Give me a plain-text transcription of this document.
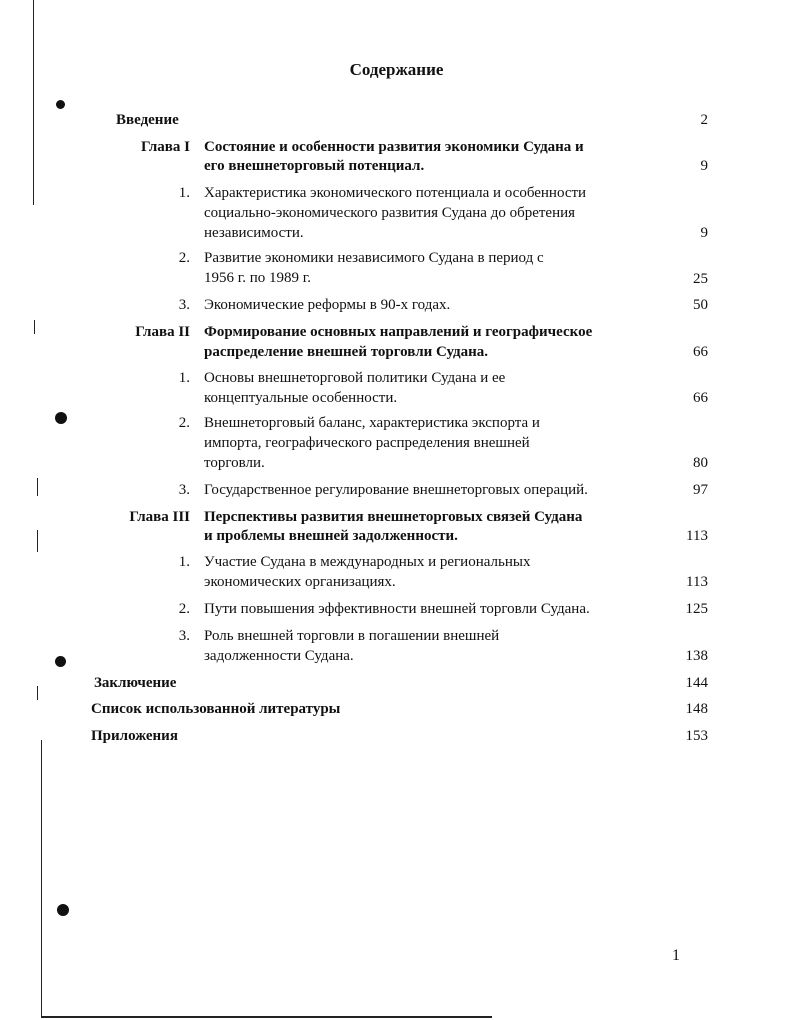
Содержание
Введение	2
Глава I Состояние и особенности развития экономики Судана и
его внешнеторговый потенциал.	9
1. Характеристика экономического потенциала и особенности
социально-экономического развития Судана до обретения
независимости.	9
2. Развитие экономики независимого Судана в период с
1956 г. по 1989 г.	25
3. Экономические реформы в 90-х годах.	50
Глава II Формирование основных направлений и географическое
распределение внешней торговли Судана.	66
1. Основы внешнеторговой политики Судана и ее
концептуальные особенности.	66
2. Внешнеторговый баланс, характеристика экспорта и
импорта, географического распределения внешней
торговли.	80
3. Государственное регулирование внешнеторговых операций.	97
Глава III Перспективы развития внешнеторговых связей Судана
и проблемы внешней задолженности.	113
1. Участие Судана в международных и региональных
экономических организациях.	113
2. Пути повышения эффективности внешней торговли Судана.	125
3. Роль внешней торговли в погашении внешней
задолженности Судана.	138
Заключение	144
Список использованной литературы	148
Приложения	153
1
